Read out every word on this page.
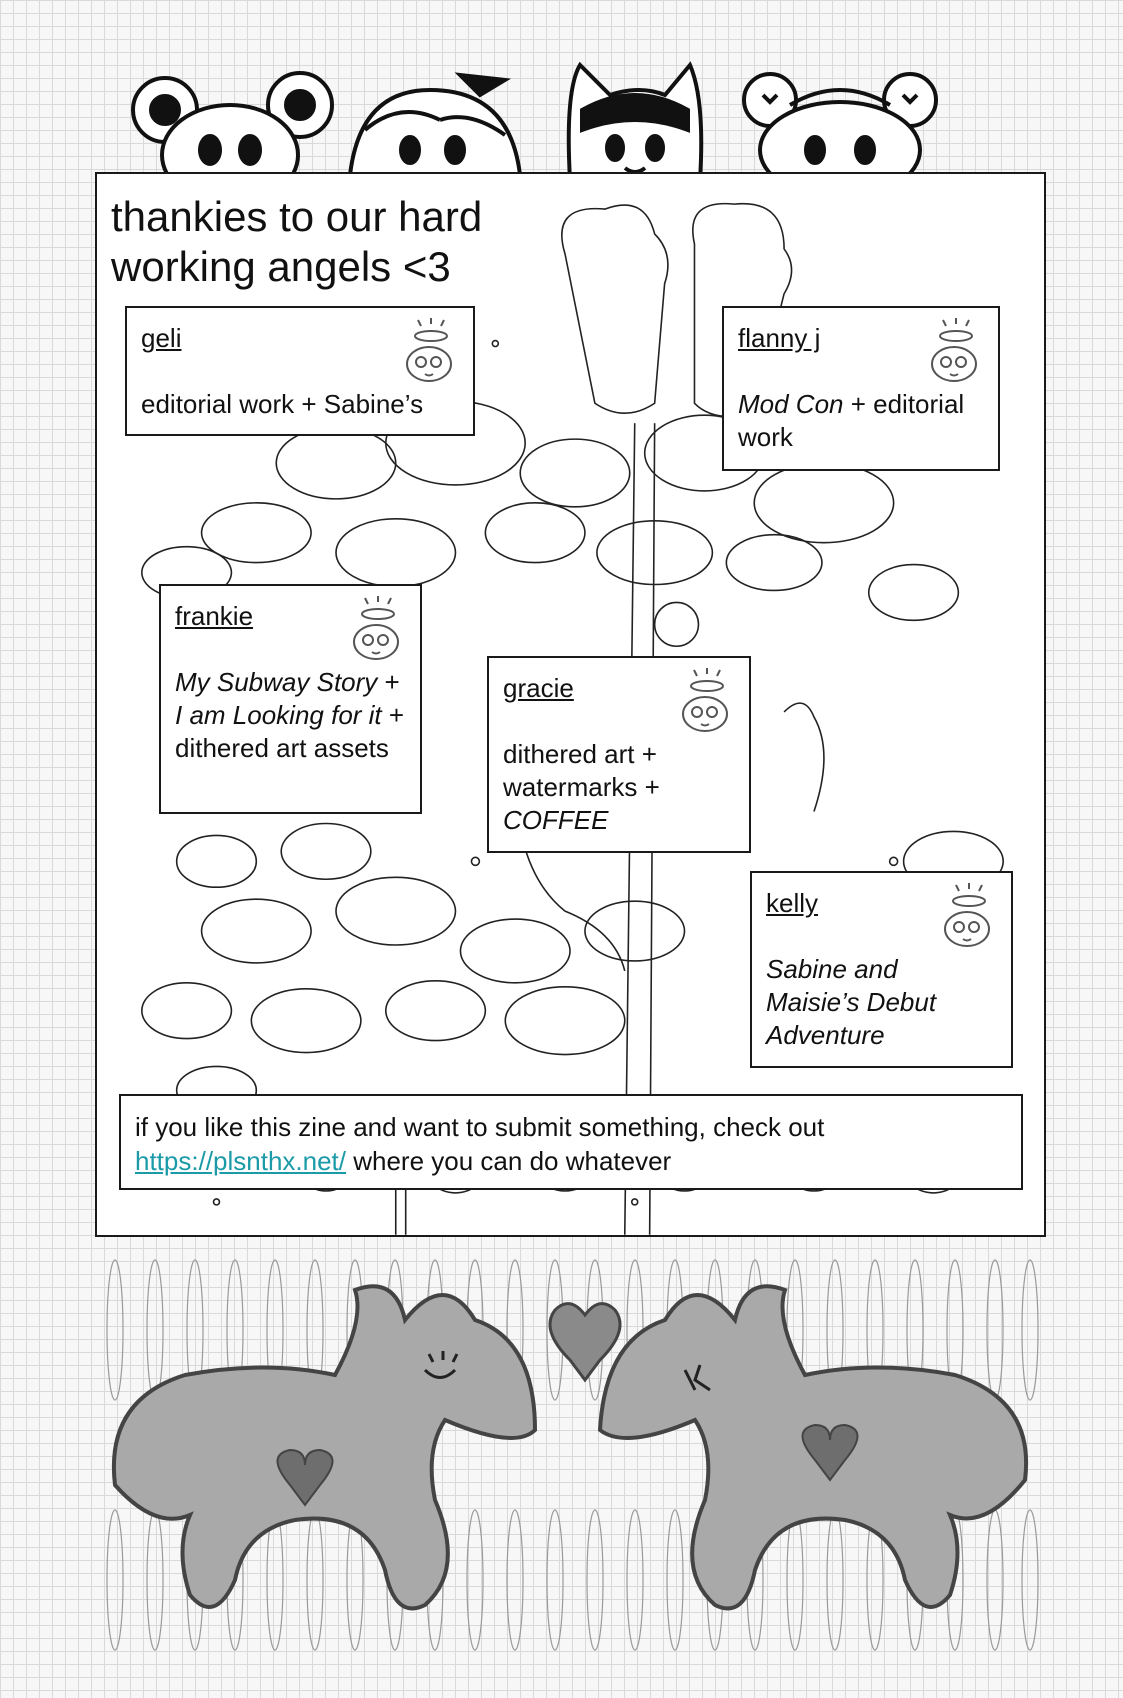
thankies to our hard working angels <3
geli
editorial work + Sabine’s
flanny j
Mod Con + editorial work
frankie
My Subway Story + I am Looking for it + dithered art assets
gracie
dithered art + watermarks + COFFEE
kelly
Sabine and Maisie’s Debut Adventure
if you like this zine and want to submit something, check out
https://plsnthx.net/ where you can do whatever
